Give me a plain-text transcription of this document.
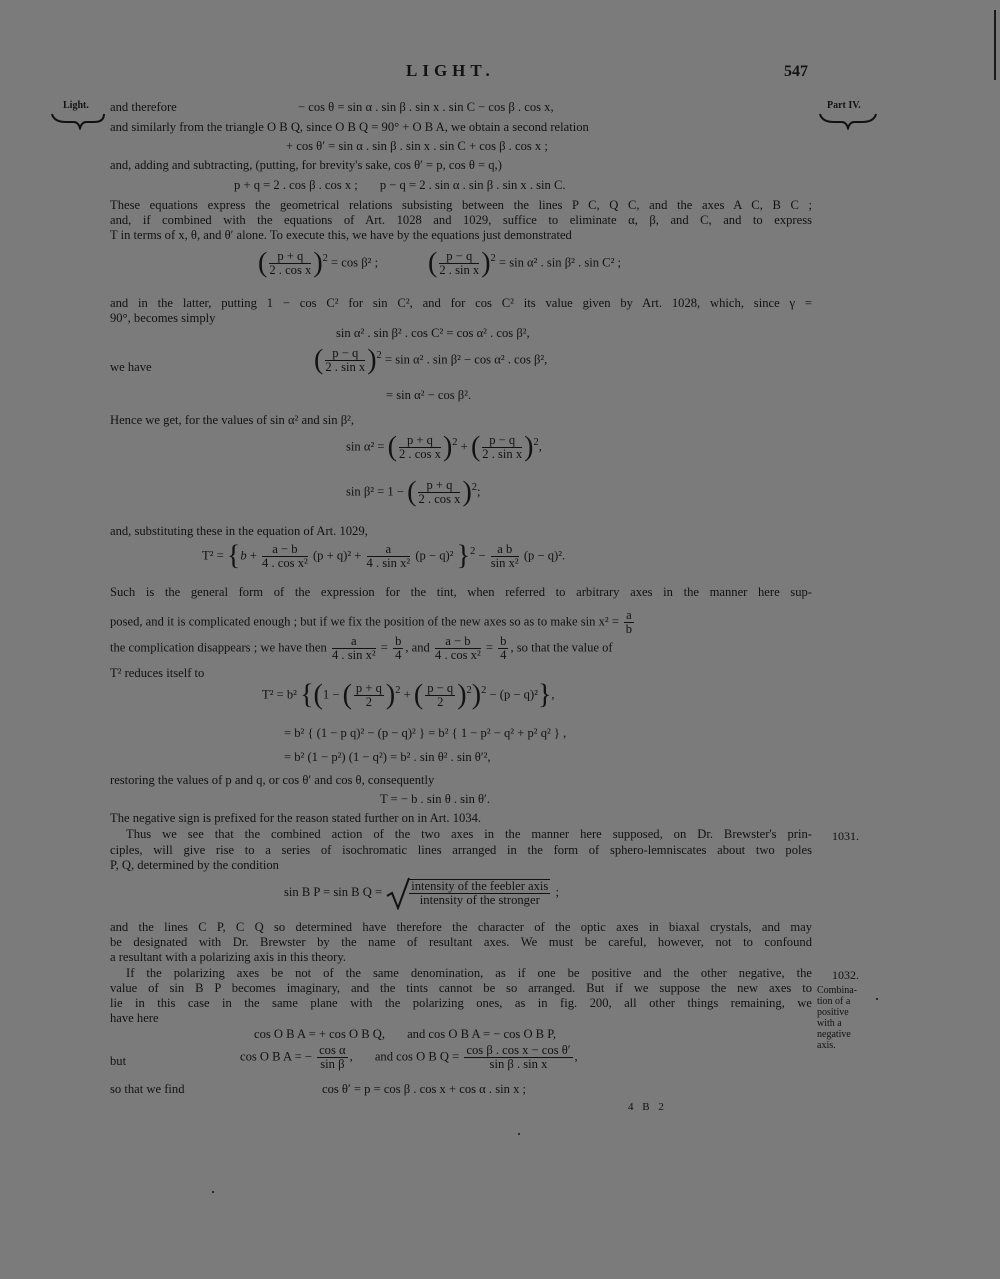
LIGHT.	547
Light.	Part IV.
and therefore	− cos θ = sin α . sin β . sin x . sin C − cos β . cos x,
and similarly from the triangle O B Q, since O B Q = 90° + O B A, we obtain a second relation
+ cos θ′ = sin α . sin β . sin x . sin C + cos β . cos x ;
and, adding and subtracting, (putting, for brevity's sake, cos θ′ = p, cos θ = q,)
p + q = 2 . cos β . cos x ;       p − q = 2 . sin α . sin β . sin x . sin C.
These equations express the geometrical relations subsisting between the lines P C, Q C, and the axes A C, B C ;
and, if combined with the equations of Art. 1028 and 1029, suffice to eliminate α, β, and C, and to express
T in terms of x, θ, and θ′ alone. To execute this, we have by the equations just demonstrated
( $\frac{p + q}{\text{2 . cos x}} )^2 = \cos \beta^2$ ; ( $\frac{p - q}{\text{2 . sin x}} )^2 = \sin \alpha^2$ . sin β² . sin C² ;
and in the latter, putting 1 − cos C² for sin C², and for cos C² its value given by Art. 1028, which, since γ =
90°, becomes simply
sin α² . sin β² . cos C² = cos α² . cos β²,
we have	( $\frac{p - q}{\text{2 . sin x}} )^2 = \sin \alpha^2$ . sin β² − cos α² . cos β²,
= sin α² − cos β².
Hence we get, for the values of sin α² and sin β²,
sin α² = ( $\frac{p + q}{\text{2 . cos x}} )^2$ + ( $\frac{p - q}{\text{2 . sin x}} )^2$,
sin β² = 1 − ( $\frac{p + q}{\text{2 . cos x}} )^2$;
and, substituting these in the equation of Art. 1029,
$T^2 = \{b + \frac{a - b}{\text{4 . cos x²}} (p + q)^2 + \frac{a}{\text{4 . sin x²}} (p - q)^2$ }$^2 - \frac{\text{a b}}{\text{sin x²}} (p - q)^2$.
Such is the general form of the expression for the tint, when referred to arbitrary axes in the manner here sup-
posed, and it is complicated enough ; but if we fix the position of the new axes so as to make $\sin x^2 = \frac{a}{b}$
the complication disappears ; we have then $\frac{a}{\text{4 . sin x²}} = \frac{b}{4}$ , and $\frac{a - b}{\text{4 . cos x²}} = \frac{b}{4}$ , so that the value of
T² reduces itself to
T² = b² {(1 − ( $\frac{p + q}{2} )^2$ + ( $\frac{p - q}{2} )^2)^2 - (p - q)^2$},
= b² { (1 − p q)² − (p − q)² } = b² { 1 − p² − q² + p² q² } ,
= b² (1 − p²) (1 − q²) = b² . sin θ² . sin θ′²,
restoring the values of p and q, or cos θ′ and cos θ, consequently
T = − b . sin θ . sin θ′.
The negative sign is prefixed for the reason stated further on in Art. 1034.
Thus we see that the combined action of the two axes in the manner here supposed, on Dr. Brewster's prin-
ciples, will give rise to a series of isochromatic lines arranged in the form of sphero-lemniscates about two poles
P, Q, determined by the condition
sin B P = sin B $Q = \frac{\text{intensity of the feebler axis}}{\text{intensity of the stronger}}$ ;
and the lines C P, C Q so determined have therefore the character of the optic axes in biaxal crystals, and may
be designated with Dr. Brewster by the name of resultant axes. We must be careful, however, not to confound
a resultant with a polarizing axis in this theory.
If the polarizing axes be not of the same denomination, as if one be positive and the other negative, the
value of sin B P becomes imaginary, and the tints cannot be so arranged. But if we suppose the new axes to
lie in this case in the same plane with the polarizing ones, as in fig. 200, all other things remaining, we
have here
cos O B A = + cos O B Q,       and cos O B A = − cos O B P,
but	cos O B A = − $\frac{\text{cos α}}{\text{sin β}}$ ,       and cos O B $Q = \frac{\text{cos β . cos x − cos θ′}}{\text{sin β . sin x}}$ ,
so that we find	cos θ′ = p = cos β . cos x + cos α . sin x ;
4 B 2
1031.
1032.
Combina-
tion of a
positive
with a
negative
axis.
